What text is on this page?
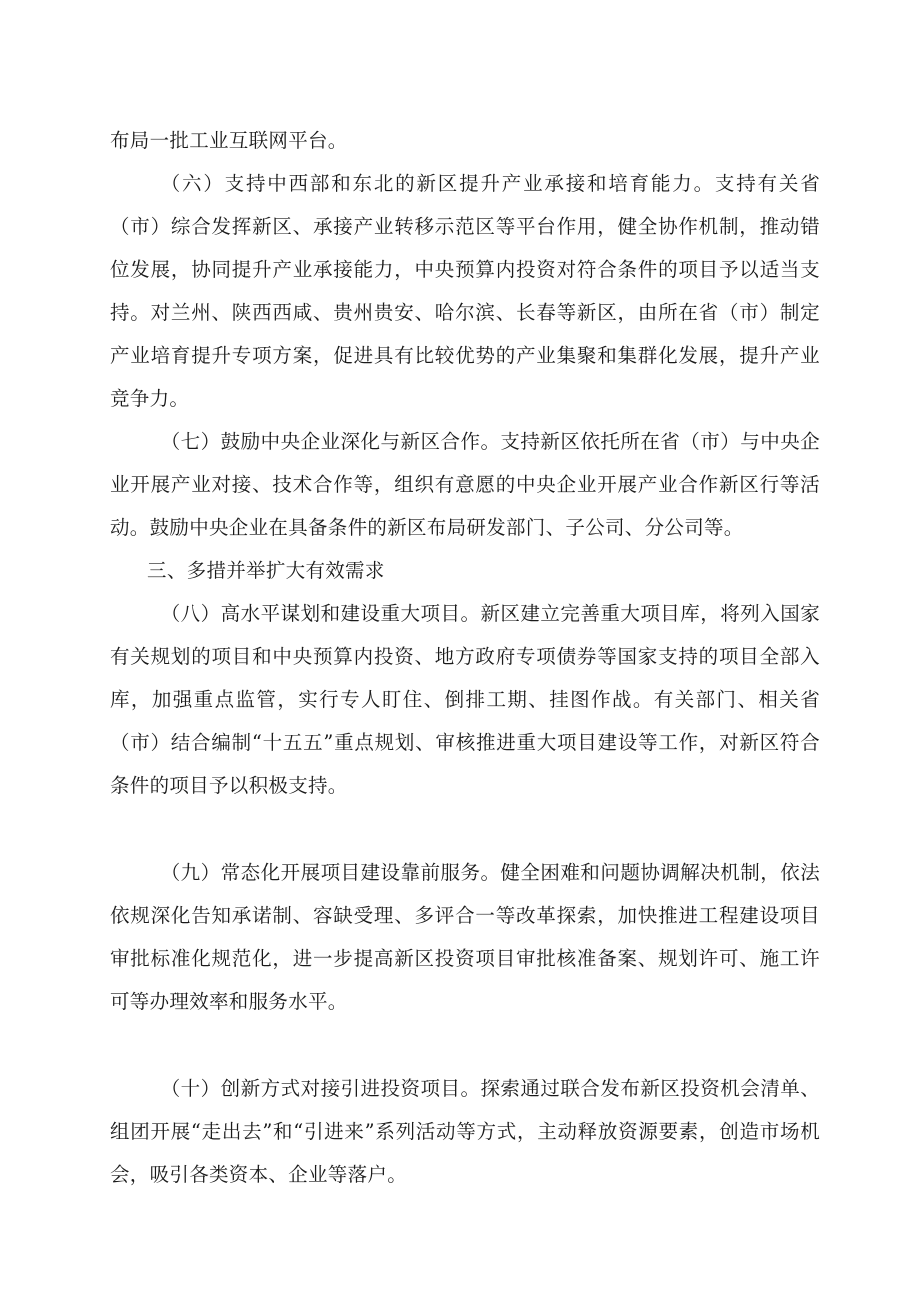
布局一批工业互联网平台。

（六）支持中西部和东北的新区提升产业承接和培育能力。支持有关省（市）综合发挥新区、承接产业转移示范区等平台作用，健全协作机制，推动错位发展，协同提升产业承接能力，中央预算内投资对符合条件的项目予以适当支持。对兰州、陕西西咸、贵州贵安、哈尔滨、长春等新区，由所在省（市）制定产业培育提升专项方案，促进具有比较优势的产业集聚和集群化发展，提升产业竞争力。

（七）鼓励中央企业深化与新区合作。支持新区依托所在省（市）与中央企业开展产业对接、技术合作等，组织有意愿的中央企业开展产业合作新区行等活动。鼓励中央企业在具备条件的新区布局研发部门、子公司、分公司等。

三、多措并举扩大有效需求

（八）高水平谋划和建设重大项目。新区建立完善重大项目库，将列入国家有关规划的项目和中央预算内投资、地方政府专项债券等国家支持的项目全部入库，加强重点监管，实行专人盯住、倒排工期、挂图作战。有关部门、相关省（市）结合编制“十五五”重点规划、审核推进重大项目建设等工作，对新区符合条件的项目予以积极支持。

（九）常态化开展项目建设靠前服务。健全困难和问题协调解决机制，依法依规深化告知承诺制、容缺受理、多评合一等改革探索，加快推进工程建设项目审批标准化规范化，进一步提高新区投资项目审批核准备案、规划许可、施工许可等办理效率和服务水平。

（十）创新方式对接引进投资项目。探索通过联合发布新区投资机会清单、组团开展“走出去”和“引进来”系列活动等方式，主动释放资源要素，创造市场机会，吸引各类资本、企业等落户。
